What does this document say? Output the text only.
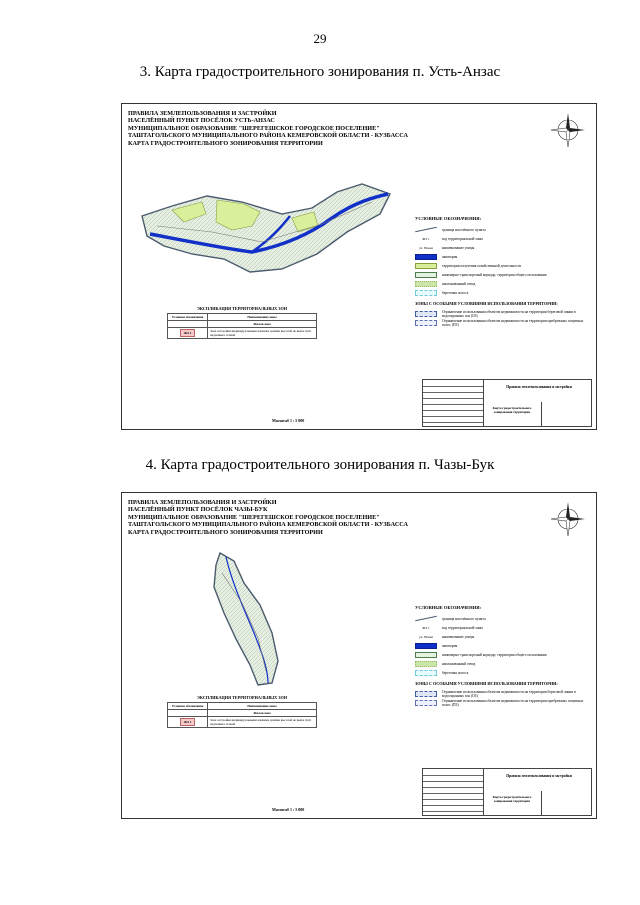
29
3. Карта градостроительного зонирования п. Усть-Анзас
ПРАВИЛА ЗЕМЛЕПОЛЬЗОВАНИЯ И ЗАСТРОЙКИ
НАСЕЛЁННЫЙ ПУНКТ ПОСЁЛОК УСТЬ-АНЗАС
МУНИЦИПАЛЬНОЕ ОБРАЗОВАНИЕ "ШЕРЕГЕШСКОЕ ГОРОДСКОЕ ПОСЕЛЕНИЕ"
ТАШТАГОЛЬСКОГО МУНИЦИПАЛЬНОГО РАЙОНА КЕМЕРОВСКОЙ ОБЛАСТИ - КУЗБАССА
КАРТА ГРАДОСТРОИТЕЛЬНОГО ЗОНИРОВАНИЯ ТЕРРИТОРИИ
УСЛОВНЫЕ ОБОЗНАЧЕНИЯ:
граница населённого пункта
ЖЗ 1	код территориальной зоны
ул. Новая	наименование улицы
акватория
территории излучения хозяйственной деятельности
инженерно-транспортный коридор, территория общего пользования
напланованный отвод
береговая полоса
ЗОНЫ С ОСОБЫМИ УСЛОВИЯМИ ИСПОЛЬЗОВАНИЯ ТЕРРИТОРИИ:
Ограничение использования объектов недвижимости на территории береговой линии в водоохранных зон (ОЗ)
Ограничение использования объектов недвижимости на территории прибрежных защитных полос (ПЗ)
ЭКСПЛИКАЦИЯ ТЕРРИТОРИАЛЬНЫХ ЗОН
Условное обозначение	Наименование зоны
	Жилая зона
ЖЗ 1	Зона застройки индивидуальными жилыми домами высотой не выше трёх надземных этажей
Правила землепользования и застройки
Карта градостроительного зонирования территории
Масштаб 1 : 5 000
4. Карта градостроительного зонирования п. Чазы-Бук
ПРАВИЛА ЗЕМЛЕПОЛЬЗОВАНИЯ И ЗАСТРОЙКИ
НАСЕЛЁННЫЙ ПУНКТ ПОСЁЛОК ЧАЗЫ-БУК
МУНИЦИПАЛЬНОЕ ОБРАЗОВАНИЕ "ШЕРЕГЕШСКОЕ ГОРОДСКОЕ ПОСЕЛЕНИЕ"
ТАШТАГОЛЬСКОГО МУНИЦИПАЛЬНОГО РАЙОНА КЕМЕРОВСКОЙ ОБЛАСТИ - КУЗБАССА
КАРТА ГРАДОСТРОИТЕЛЬНОГО ЗОНИРОВАНИЯ ТЕРРИТОРИИ
УСЛОВНЫЕ ОБОЗНАЧЕНИЯ:
граница населённого пункта
ЖЗ 1	код территориальной зоны
ул. Новая	наименование улицы
акватория
инженерно-транспортный коридор, территория общего пользования
напланованный отвод
береговая полоса
ЗОНЫ С ОСОБЫМИ УСЛОВИЯМИ ИСПОЛЬЗОВАНИЯ ТЕРРИТОРИИ:
Ограничение использования объектов недвижимости на территории береговой линии в водоохранных зон (ОЗ)
Ограничение использования объектов недвижимости на территории прибрежных защитных полос (ПЗ)
ЭКСПЛИКАЦИЯ ТЕРРИТОРИАЛЬНЫХ ЗОН
Условное обозначение	Наименование зоны
	Жилая зона
ЖЗ 1	Зона застройки индивидуальными жилыми домами высотой не выше трёх надземных этажей
Правила землепользования и застройки
Карта градостроительного зонирования территории
Масштаб 1 : 5 000
